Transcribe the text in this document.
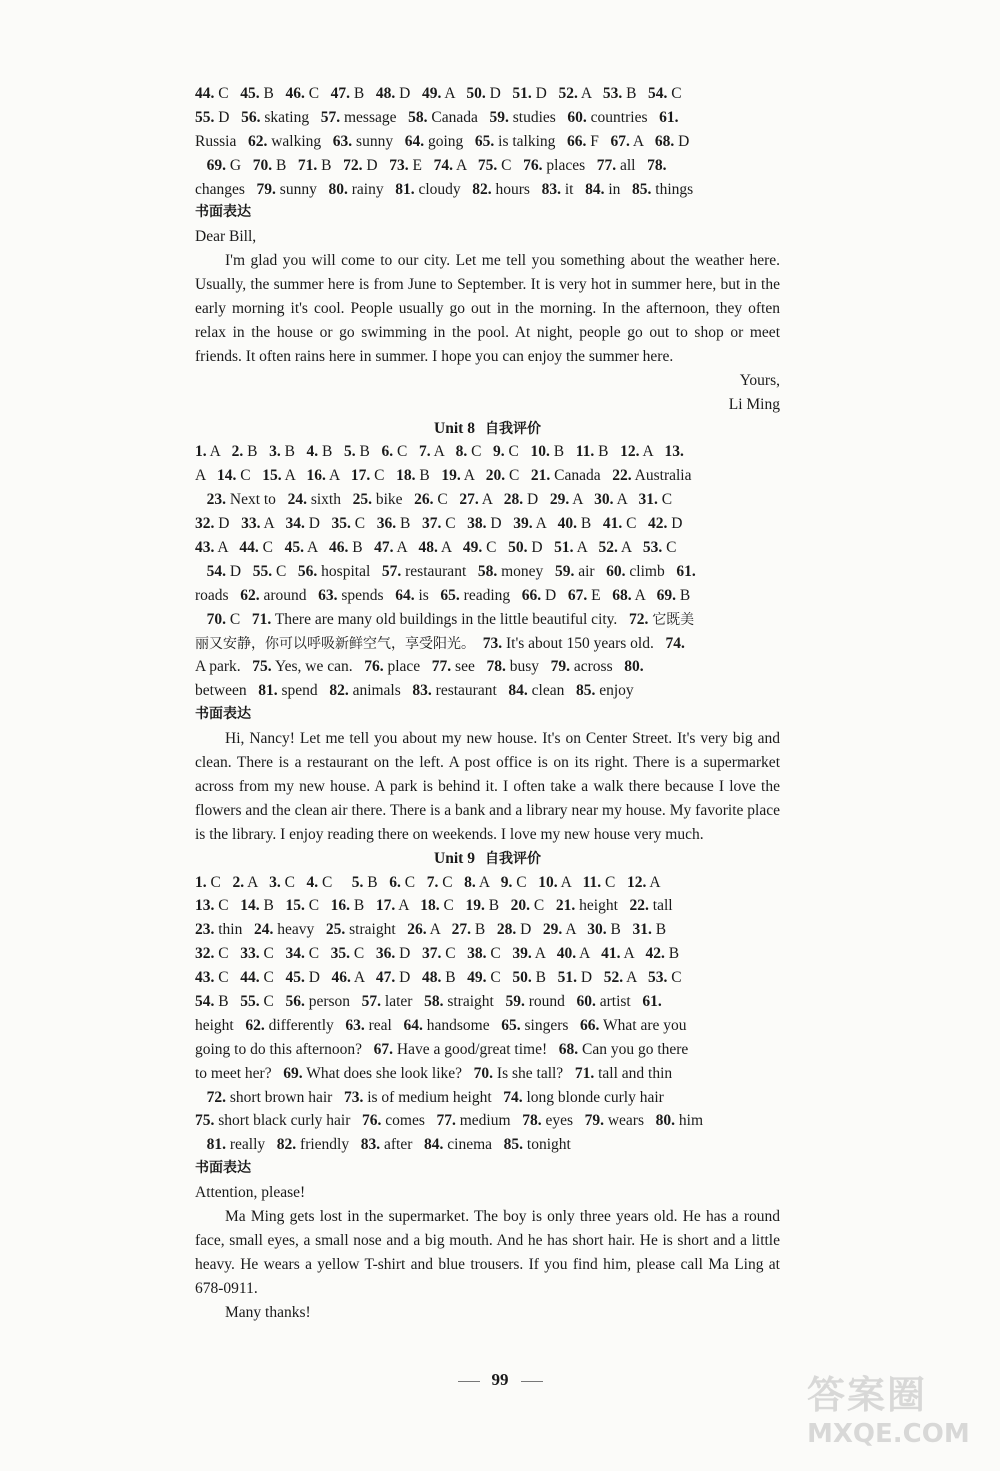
44. C   45. B   46. C   47. B   48. D   49. A   50. D   51. D   52. A   53. B   54. C
55. D   56. skating   57. message   58. Canada   59. studies   60. countries   61.
Russia   62. walking   63. sunny   64. going   65. is talking   66. F   67. A   68. D
69. G   70. B   71. B   72. D   73. E   74. A   75. C   76. places   77. all   78.
changes   79. sunny   80. rainy   81. cloudy   82. hours   83. it   84. in   85. things
书面表达
Dear Bill,

I'm glad you will come to our city. Let me tell you something about the weather here. Usually, the summer here is from June to September. It is very hot in summer here, but in the early morning it's cool. People usually go out in the morning. In the afternoon, they often relax in the house or go swimming in the pool. At night, people go out to shop or meet friends. It often rains here in summer. I hope you can enjoy the summer here.

Yours,
Li Ming
Unit 8 自我评价
1. A   2. B   3. B   4. B   5. B   6. C   7. A   8. C   9. C   10. B   11. B   12. A   13.
A   14. C   15. A   16. A   17. C   18. B   19. A   20. C   21. Canada   22. Australia
23. Next to   24. sixth   25. bike   26. C   27. A   28. D   29. A   30. A   31. C
32. D   33. A   34. D   35. C   36. B   37. C   38. D   39. A   40. B   41. C   42. D
43. A   44. C   45. A   46. B   47. A   48. A   49. C   50. D   51. A   52. A   53. C
54. D   55. C   56. hospital   57. restaurant   58. money   59. air   60. climb   61.
roads   62. around   63. spends   64. is   65. reading   66. D   67. E   68. A   69. B
70. C   71. There are many old buildings in the little beautiful city.   72. 它既美
丽又安静，你可以呼吸新鲜空气，享受阳光。 73. It's about 150 years old.   74.
A park.   75. Yes, we can.   76. place   77. see   78. busy   79. across   80.
between   81. spend   82. animals   83. restaurant   84. clean   85. enjoy
书面表达

Hi, Nancy! Let me tell you about my new house. It's on Center Street. It's very big and clean. There is a restaurant on the left. A post office is on its right. There is a supermarket across from my new house. A park is behind it. I often take a walk there because I love the flowers and the clean air there. There is a bank and a library near my house. My favorite place is the library. I enjoy reading there on weekends. I love my new house very much.

Unit 9 自我评价
1. C   2. A   3. C   4. C     5. B   6. C   7. C   8. A   9. C   10. A   11. C   12. A
13. C   14. B   15. C   16. B   17. A   18. C   19. B   20. C   21. height   22. tall
23. thin   24. heavy   25. straight   26. A   27. B   28. D   29. A   30. B   31. B
32. C   33. C   34. C   35. C   36. D   37. C   38. C   39. A   40. A   41. A   42. B
43. C   44. C   45. D   46. A   47. D   48. B   49. C   50. B   51. D   52. A   53. C
54. B   55. C   56. person   57. later   58. straight   59. round   60. artist   61.
height   62. differently   63. real   64. handsome   65. singers   66. What are you
going to do this afternoon?   67. Have a good/great time!   68. Can you go there
to meet her?   69. What does she look like?   70. Is she tall?   71. tall and thin
72. short brown hair   73. is of medium height   74. long blonde curly hair
75. short black curly hair   76. comes   77. medium   78. eyes   79. wears   80. him
81. really   82. friendly   83. after   84. cinema   85. tonight
书面表达
Attention, please!

Ma Ming gets lost in the supermarket. The boy is only three years old. He has a round face, small eyes, a small nose and a big mouth. And he has short hair. He is short and a little heavy. He wears a yellow T-shirt and blue trousers. If you find him, please call Ma Ling at 678-0911.

Many thanks!

99	答案圈
MXQE.COM
